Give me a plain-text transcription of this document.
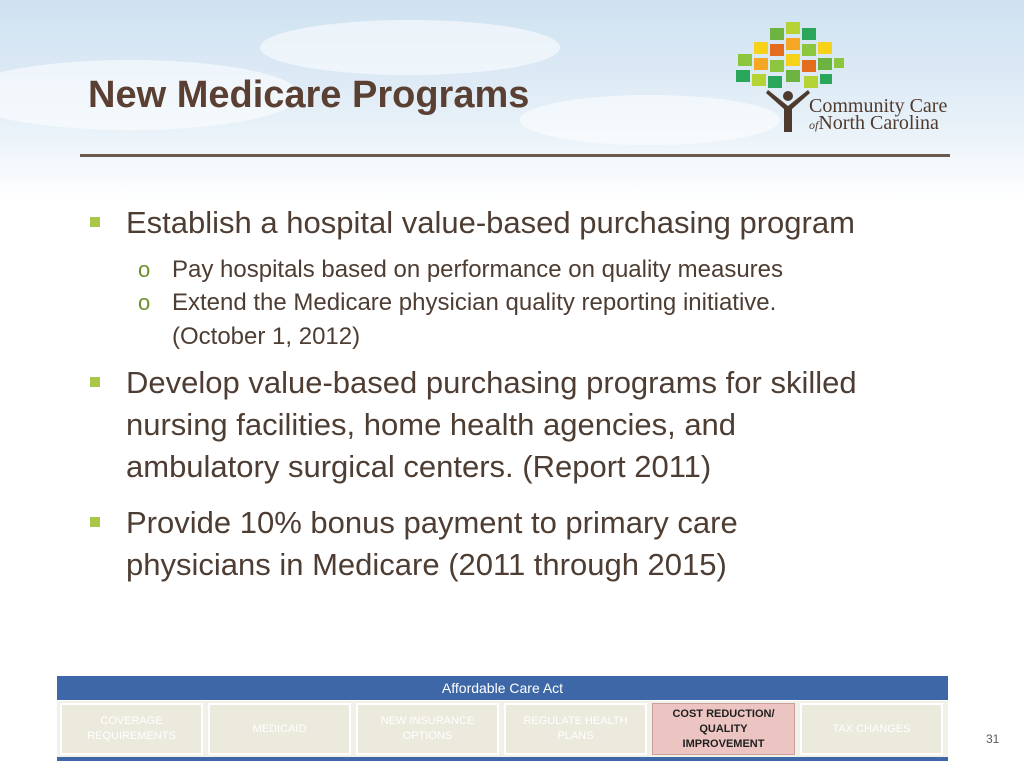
New Medicare Programs	Community Care
ofNorth Carolina
Establish a hospital value-based purchasing program
o Pay hospitals based on performance on quality measures
o Extend the Medicare physician quality reporting initiative.
(October 1, 2012)
Develop value-based purchasing programs for skilled
nursing facilities, home health agencies, and
ambulatory surgical centers. (Report 2011)
Provide 10% bonus payment to primary care
physicians in Medicare (2011 through 2015)
Affordable Care Act
COVERAGE
REQUIREMENTS
MEDICAID
NEW INSURANCE
OPTIONS
REGULATE HEALTH
PLANS
COST REDUCTION/
QUALITY
IMPROVEMENT
TAX CHANGES
31
